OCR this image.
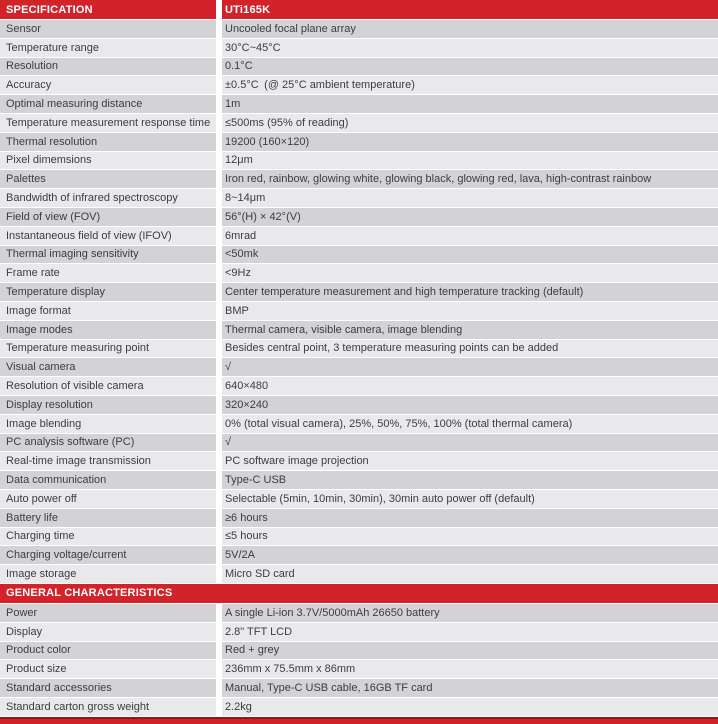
SPECIFICATION	UTi165K
Sensor	Uncooled focal plane array
Temperature range	30°C~45°C
Resolution	0.1°C
Accuracy	±0.5°C (@ 25°C ambient temperature)
Optimal measuring distance	1m
Temperature measurement response time	≤500ms (95% of reading)
Thermal resolution	19200 (160×120)
Pixel dimemsions	12μm
Palettes	Iron red, rainbow, glowing white, glowing black, glowing red, lava, high-contrast rainbow
Bandwidth of infrared spectroscopy	8~14μm
Field of view (FOV)	56°(H) × 42°(V)
Instantaneous field of view (IFOV)	6mrad
Thermal imaging sensitivity	<50mk
Frame rate	<9Hz
Temperature display	Center temperature measurement and high temperature tracking (default)
Image format	BMP
Image modes	Thermal camera, visible camera, image blending
Temperature measuring point	Besides central point, 3 temperature measuring points can be added
Visual camera	√
Resolution of visible camera	640×480
Display resolution	320×240
Image blending	0% (total visual camera), 25%, 50%, 75%, 100% (total thermal camera)
PC analysis software (PC)	√
Real-time image transmission	PC software image projection
Data communication	Type-C USB
Auto power off	Selectable (5min, 10min, 30min), 30min auto power off (default)
Battery life	≥6 hours
Charging time	≤5 hours
Charging voltage/current	5V/2A
Image storage	Micro SD card
GENERAL CHARACTERISTICS
Power	A single Li-ion 3.7V/5000mAh 26650 battery
Display	2.8" TFT LCD
Product color	Red + grey
Product size	236mm x 75.5mm x 86mm
Standard accessories	Manual, Type-C USB cable, 16GB TF card
Standard carton gross weight	2.2kg
